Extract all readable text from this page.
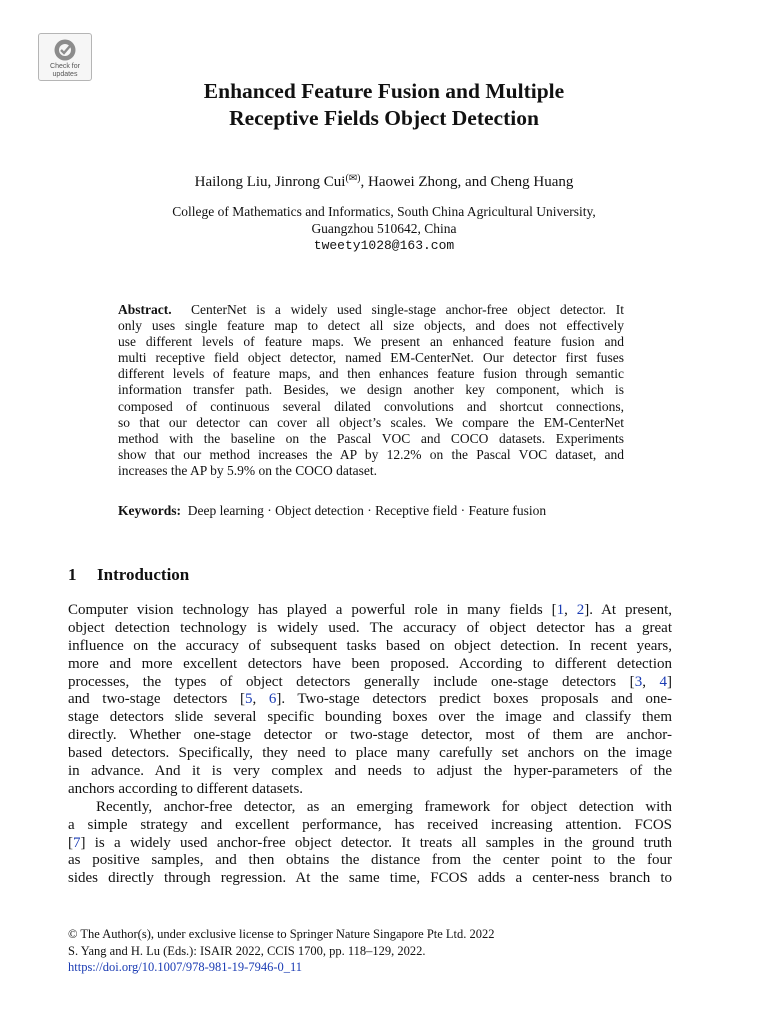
Check for
updates
Enhanced Feature Fusion and Multiple
Receptive Fields Object Detection
Hailong Liu, Jinrong Cui(✉), Haowei Zhong, and Cheng Huang
College of Mathematics and Informatics, South China Agricultural University,
Guangzhou 510642, China
tweety1028@163.com
Abstract. CenterNet is a widely used single-stage anchor-free object detector. It
only uses single feature map to detect all size objects, and does not effectively
use different levels of feature maps. We present an enhanced feature fusion and
multi receptive field object detector, named EM-CenterNet. Our detector first fuses
different levels of feature maps, and then enhances feature fusion through semantic
information transfer path. Besides, we design another key component, which is
composed of continuous several dilated convolutions and shortcut connections,
so that our detector can cover all object’s scales. We compare the EM-CenterNet
method with the baseline on the Pascal VOC and COCO datasets. Experiments
show that our method increases the AP by 12.2% on the Pascal VOC dataset, and
increases the AP by 5.9% on the COCO dataset.
Keywords: Deep learning · Object detection · Receptive field · Feature fusion
1 Introduction
Computer vision technology has played a powerful role in many fields [1, 2]. At present,
object detection technology is widely used. The accuracy of object detector has a great
influence on the accuracy of subsequent tasks based on object detection. In recent years,
more and more excellent detectors have been proposed. According to different detection
processes, the types of object detectors generally include one-stage detectors [3, 4]
and two-stage detectors [5, 6]. Two-stage detectors predict boxes proposals and one-
stage detectors slide several specific bounding boxes over the image and classify them
directly. Whether one-stage detector or two-stage detector, most of them are anchor-
based detectors. Specifically, they need to place many carefully set anchors on the image
in advance. And it is very complex and needs to adjust the hyper-parameters of the
anchors according to different datasets.
Recently, anchor-free detector, as an emerging framework for object detection with
a simple strategy and excellent performance, has received increasing attention. FCOS
[7] is a widely used anchor-free object detector. It treats all samples in the ground truth
as positive samples, and then obtains the distance from the center point to the four
sides directly through regression. At the same time, FCOS adds a center-ness branch to
© The Author(s), under exclusive license to Springer Nature Singapore Pte Ltd. 2022
S. Yang and H. Lu (Eds.): ISAIR 2022, CCIS 1700, pp. 118–129, 2022.
https://doi.org/10.1007/978-981-19-7946-0_11
